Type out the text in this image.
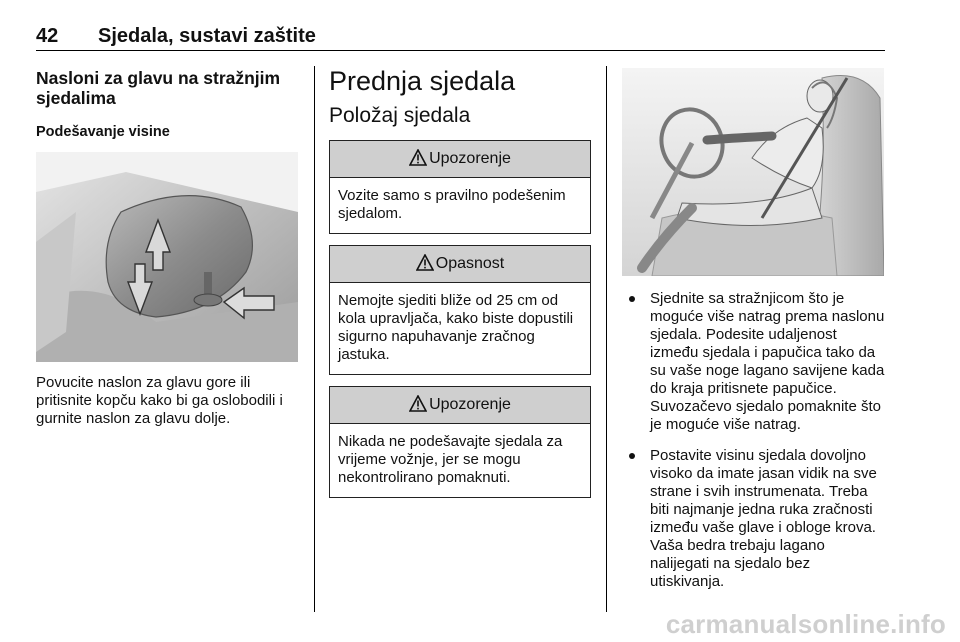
42 Sjedala, sustavi zaštite
Nasloni za glavu na stražnjim sjedalima
Podešavanje visine

Povucite naslon za glavu gore ili pritisnite kopču kako bi ga oslobodili i gurnite naslon za glavu dolje.

Prednja sjedala
Položaj sjedala
Upozorenje
Vozite samo s pravilno podešenim sjedalom.
Opasnost
Nemojte sjediti bliže od 25 cm od kola upravljača, kako biste dopustili sigurno napuhavanje zračnog jastuka.
Upozorenje
Nikada ne podešavajte sjedala za vrijeme vožnje, jer se mogu nekontrolirano pomaknuti.
Sjednite sa stražnjicom što je moguće više natrag prema naslonu sjedala. Podesite udaljenost između sjedala i papučica tako da su vaše noge lagano savijene kada do kraja pritisnete papučice. Suvozačevo sjedalo pomaknite što je moguće više natrag.
Postavite visinu sjedala dovoljno visoko da imate jasan vidik na sve strane i svih instrumenata. Treba biti najmanje jedna ruka zračnosti između vaše glave i obloge krova. Vaša bedra trebaju lagano nalijegati na sjedalo bez utiskivanja.
carmanualsonline.info
